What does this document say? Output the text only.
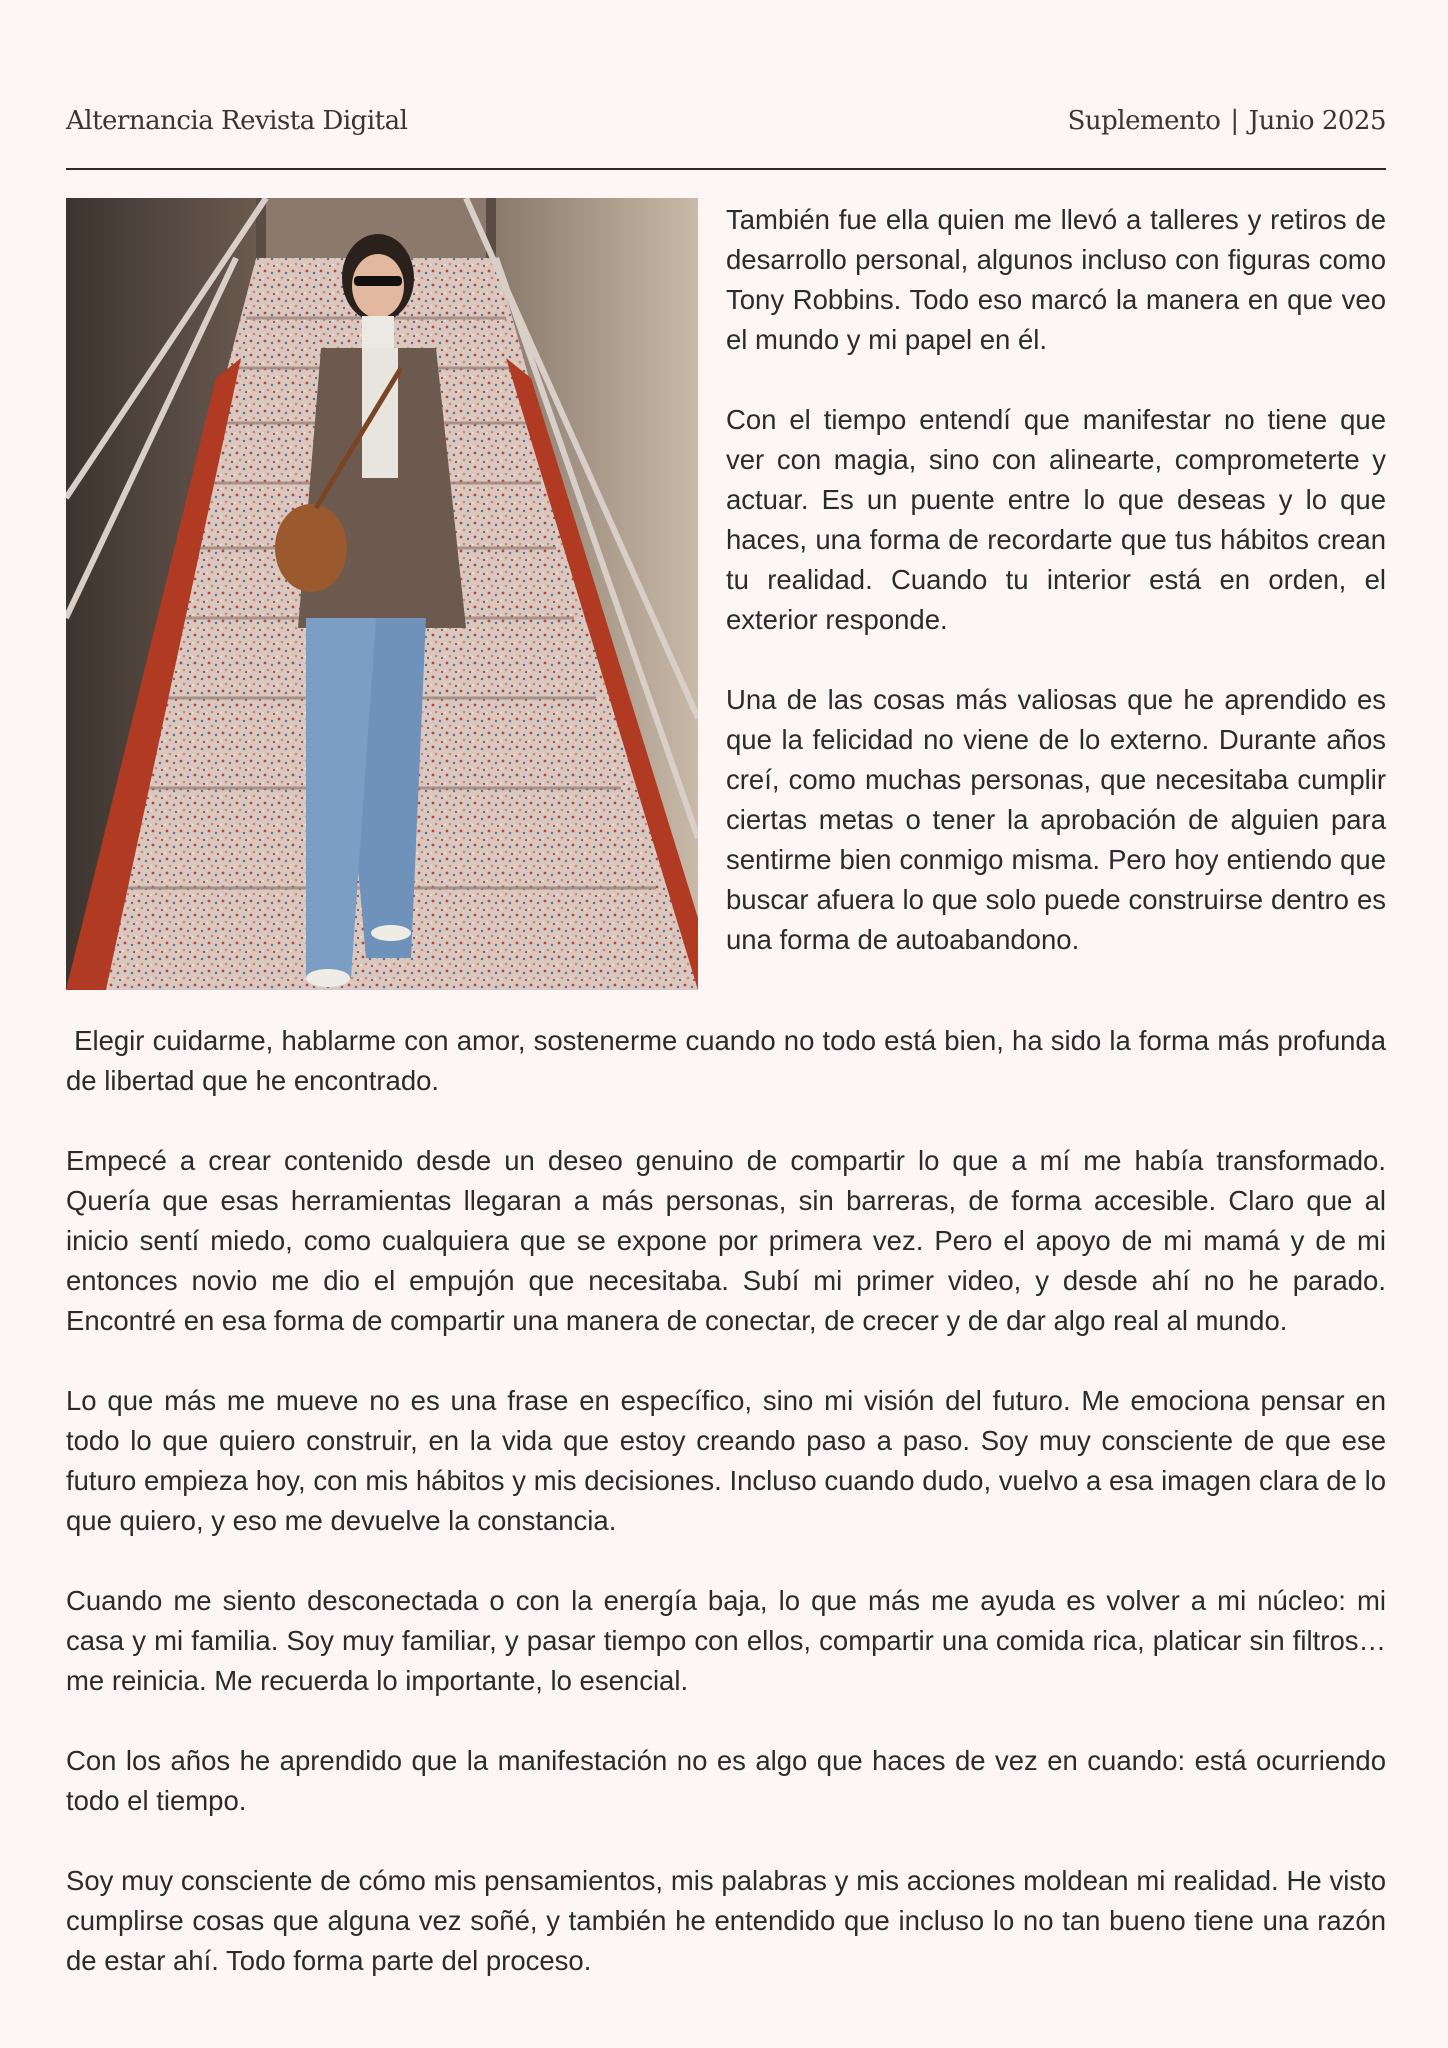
Alternancia Revista Digital	Suplemento | Junio 2025

También fue ella quien me llevó a talleres y retiros de desarrollo personal, algunos incluso con figuras como Tony Robbins. Todo eso marcó la manera en que veo el mundo y mi papel en él.

Con el tiempo entendí que manifestar no tiene que ver con magia, sino con alinearte, comprometerte y actuar. Es un puente entre lo que deseas y lo que haces, una forma de recordarte que tus hábitos crean tu realidad. Cuando tu interior está en orden, el exterior responde.

Una de las cosas más valiosas que he aprendido es que la felicidad no viene de lo externo. Durante años creí, como muchas personas, que necesitaba cumplir ciertas metas o tener la aprobación de alguien para sentirme bien conmigo misma. Pero hoy entiendo que buscar afuera lo que solo puede construirse dentro es una forma de autoabandono.

Elegir cuidarme, hablarme con amor, sostenerme cuando no todo está bien, ha sido la forma más profunda de libertad que he encontrado.

Empecé a crear contenido desde un deseo genuino de compartir lo que a mí me había transformado. Quería que esas herramientas llegaran a más personas, sin barreras, de forma accesible. Claro que al inicio sentí miedo, como cualquiera que se expone por primera vez. Pero el apoyo de mi mamá y de mi entonces novio me dio el empujón que necesitaba. Subí mi primer video, y desde ahí no he parado. Encontré en esa forma de compartir una manera de conectar, de crecer y de dar algo real al mundo.

Lo que más me mueve no es una frase en específico, sino mi visión del futuro. Me emociona pensar en todo lo que quiero construir, en la vida que estoy creando paso a paso. Soy muy consciente de que ese futuro empieza hoy, con mis hábitos y mis decisiones. Incluso cuando dudo, vuelvo a esa imagen clara de lo que quiero, y eso me devuelve la constancia.

Cuando me siento desconectada o con la energía baja, lo que más me ayuda es volver a mi núcleo: mi casa y mi familia. Soy muy familiar, y pasar tiempo con ellos, compartir una comida rica, platicar sin filtros… me reinicia. Me recuerda lo importante, lo esencial.

Con los años he aprendido que la manifestación no es algo que haces de vez en cuando: está ocurriendo todo el tiempo.

Soy muy consciente de cómo mis pensamientos, mis palabras y mis acciones moldean mi realidad. He visto cumplirse cosas que alguna vez soñé, y también he entendido que incluso lo no tan bueno tiene una razón de estar ahí. Todo forma parte del proceso.
